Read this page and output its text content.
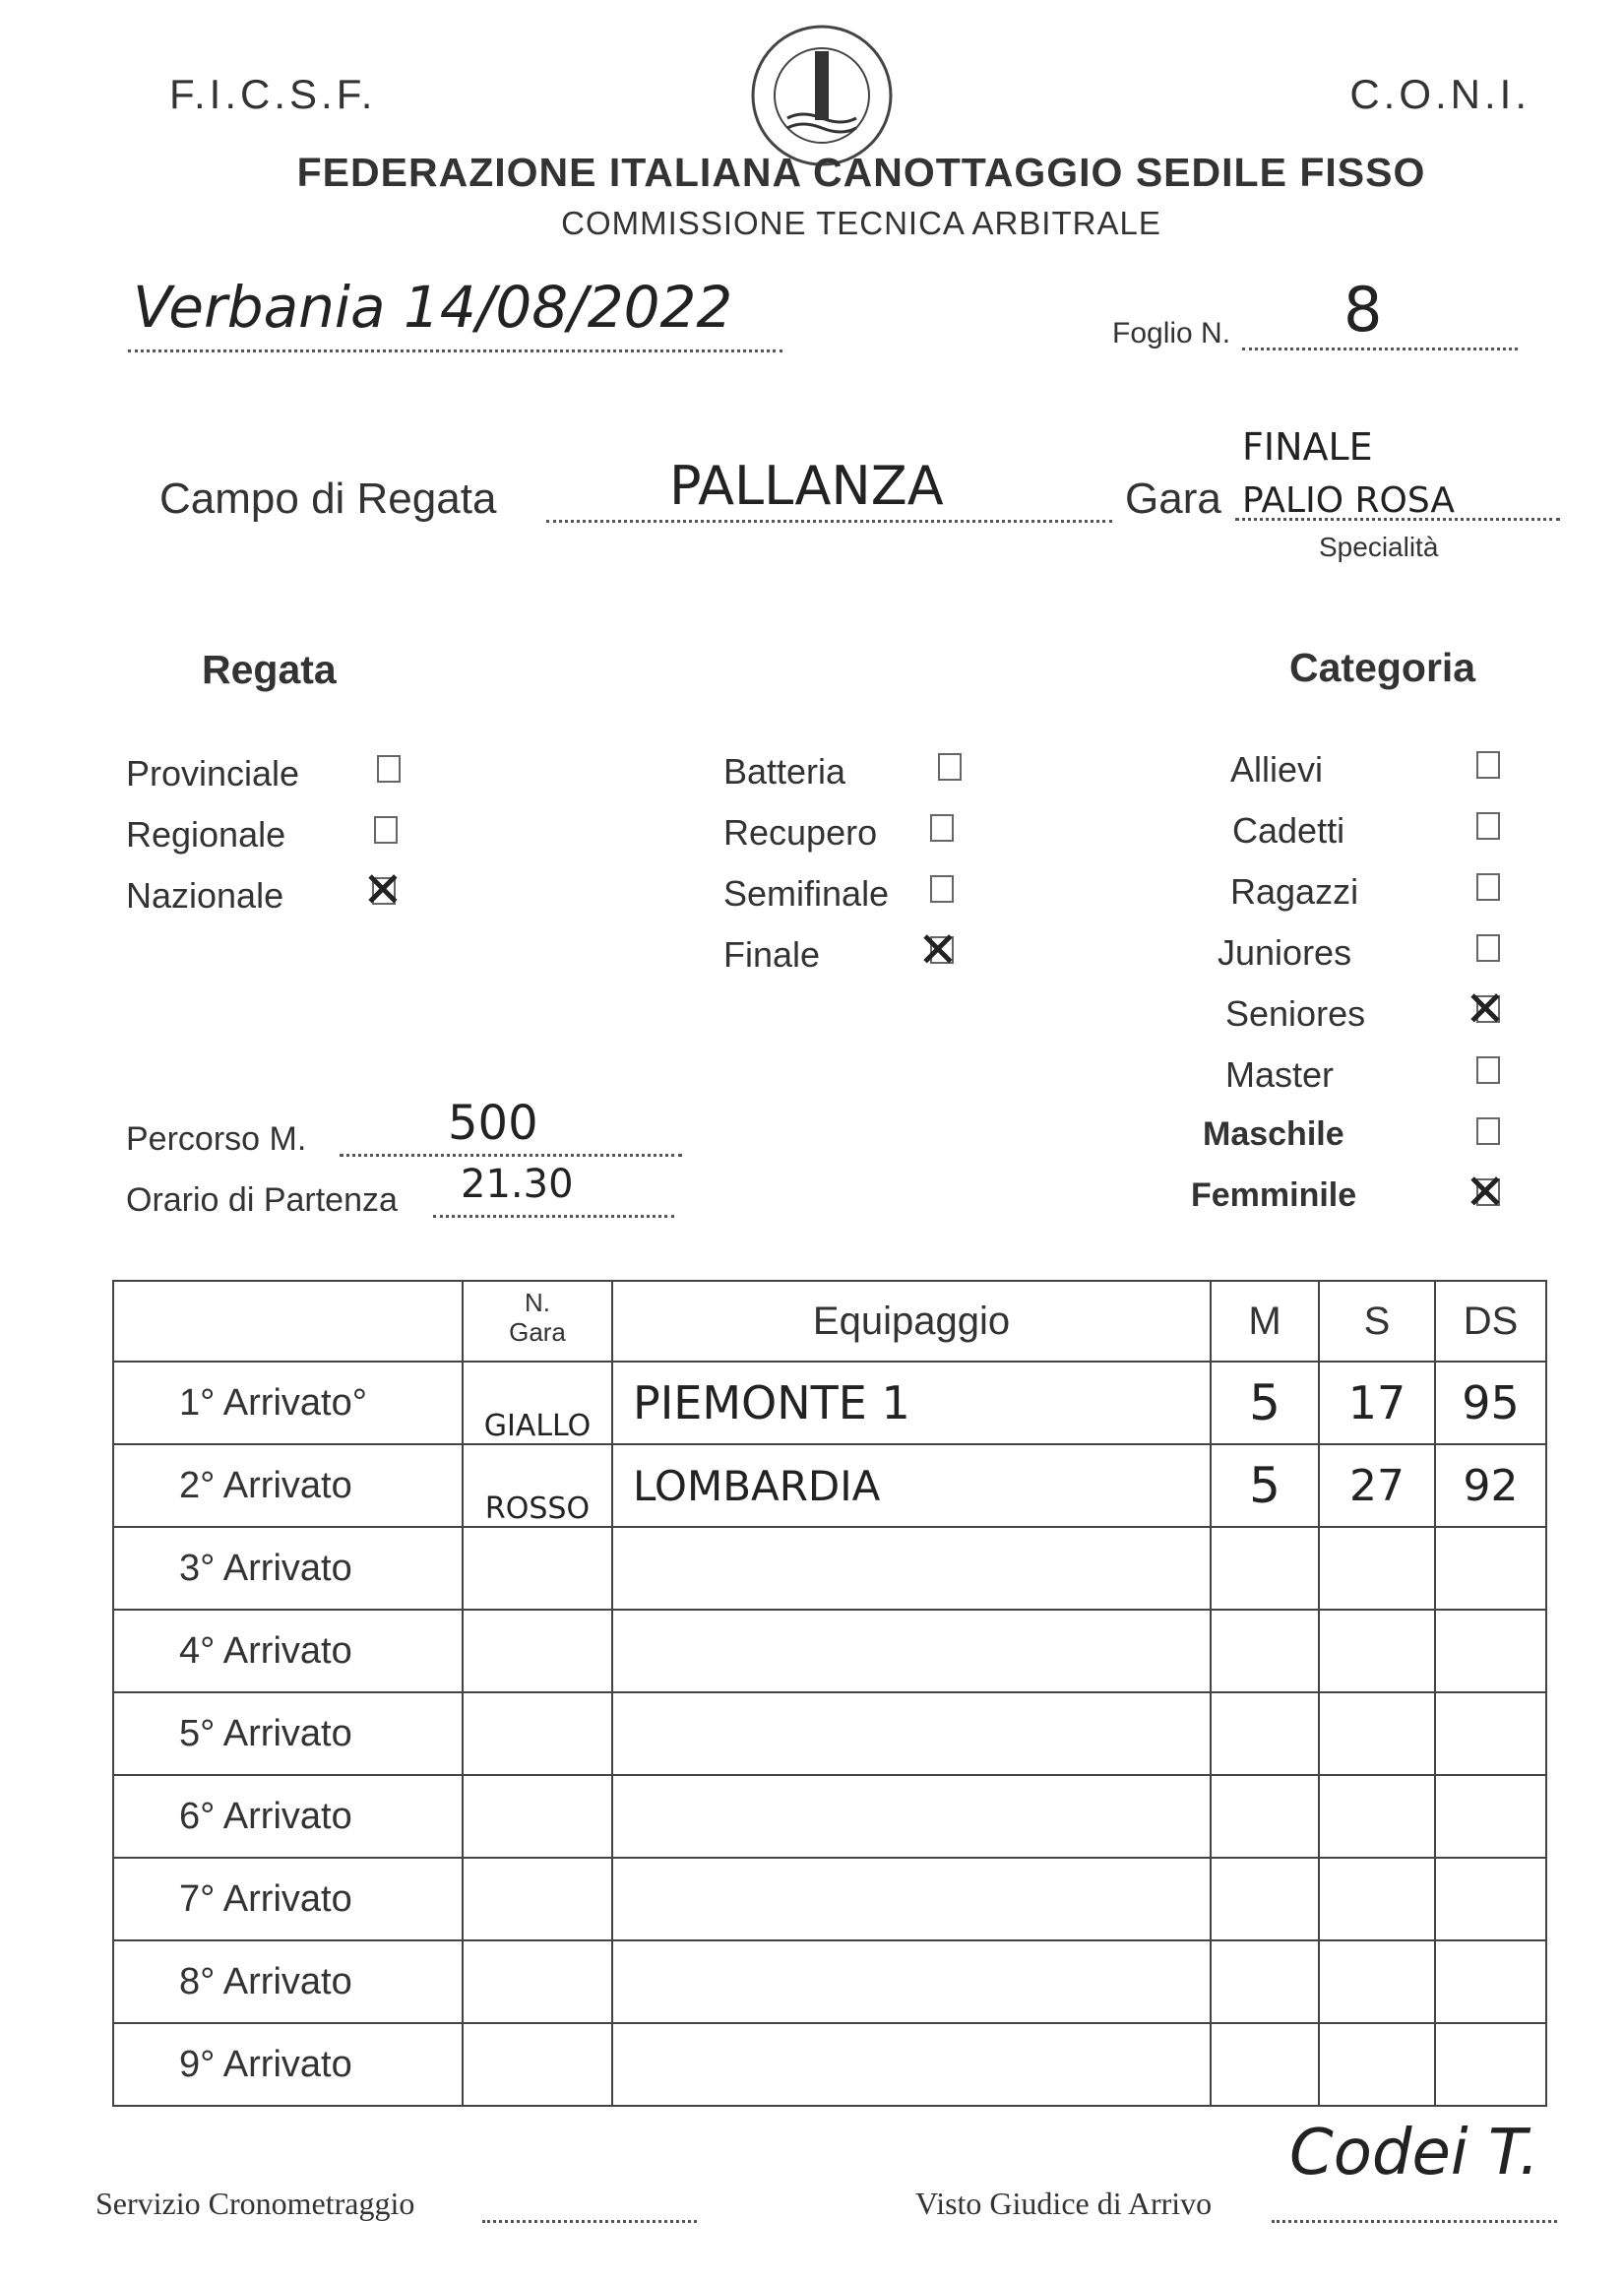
F.I.C.S.F.	C.O.N.I.
FEDERAZIONE ITALIANA CANOTTAGGIO SEDILE FISSO
COMMISSIONE TECNICA ARBITRALE
Verbania 14/08/2022	Foglio N. 8
Campo di Regata	PALLANZA	Gara
FINALE
PALIO ROSA
Specialità
Regata	Categoria
Provinciale
Regionale
Nazionale ✕
Batteria
Recupero
Semifinale
Finale ✕
Allievi
Cadetti
Ragazzi
Juniores
Seniores ✕
Master
Maschile
Femminile ✕
Percorso M.	500
Orario di Partenza 21.30
	N. Gara	Equipaggio	M	S	DS
1° Arrivato°	GIALLO	PIEMONTE 1	5	17	95
2° Arrivato	ROSSO	LOMBARDIA	5	27	92
3° Arrivato					
4° Arrivato					
5° Arrivato					
6° Arrivato					
7° Arrivato					
8° Arrivato					
9° Arrivato					
Servizio Cronometraggio	Visto Giudice di Arrivo
Codei T.
